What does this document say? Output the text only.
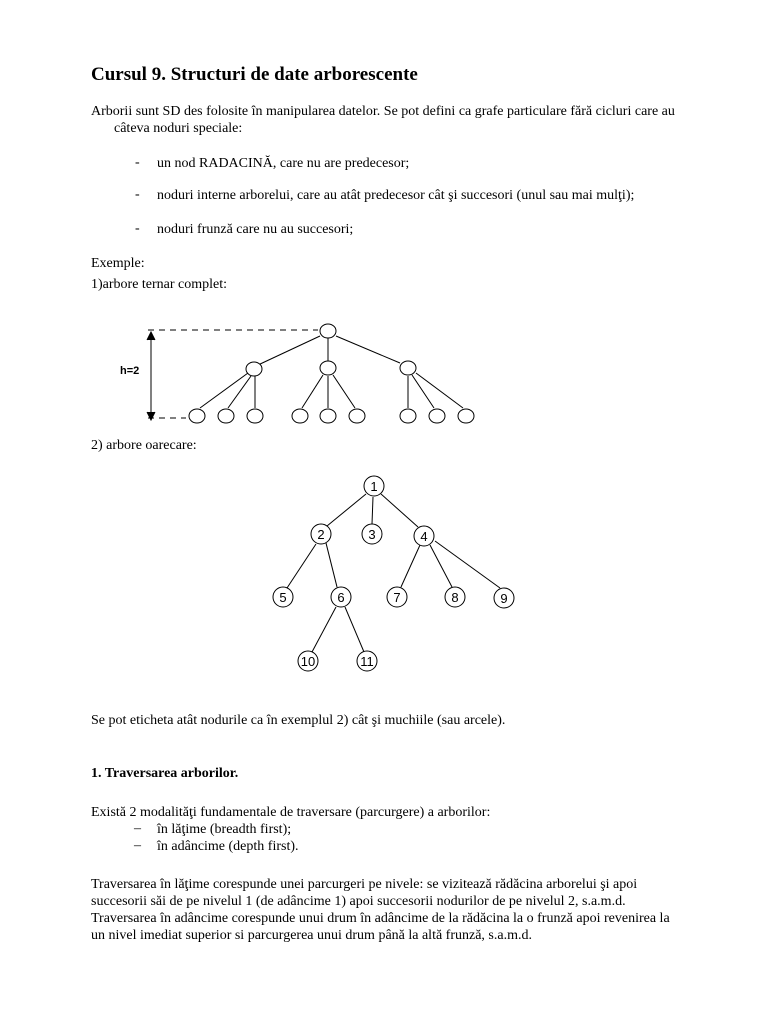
Cursul 9. Structuri de date arborescente
Arborii sunt SD des folosite în manipularea datelor. Se pot defini ca grafe particulare fără cicluri care au
câteva noduri speciale:
- un nod RADACINĂ, care nu are predecesor;
- noduri interne arborelui, care au atât predecesor cât şi succesori (unul sau mai mulţi);
- noduri frunză care nu au succesori;
Exemple:
1)arbore ternar complet:
h=2
2) arbore oarecare:
1
2	3	4
5	6	7	8	9
10	11
Se pot eticheta atât nodurile ca în exemplul 2) cât şi muchiile (sau arcele).
1. Traversarea arborilor.
Există 2 modalităţi fundamentale de traversare (parcurgere) a arborilor:
– în lăţime (breadth first);
– în adâncime (depth first).
Traversarea în lăţime corespunde unei parcurgeri pe nivele: se vizitează rădăcina arborelui şi apoi
succesorii săi de pe nivelul 1 (de adâncime 1) apoi succesorii nodurilor de pe nivelul 2, s.a.m.d.
Traversarea în adâncime corespunde unui drum în adâncime de la rădăcina la o frunză apoi revenirea la
un nivel imediat superior si parcurgerea unui drum până la altă frunză, s.a.m.d.
